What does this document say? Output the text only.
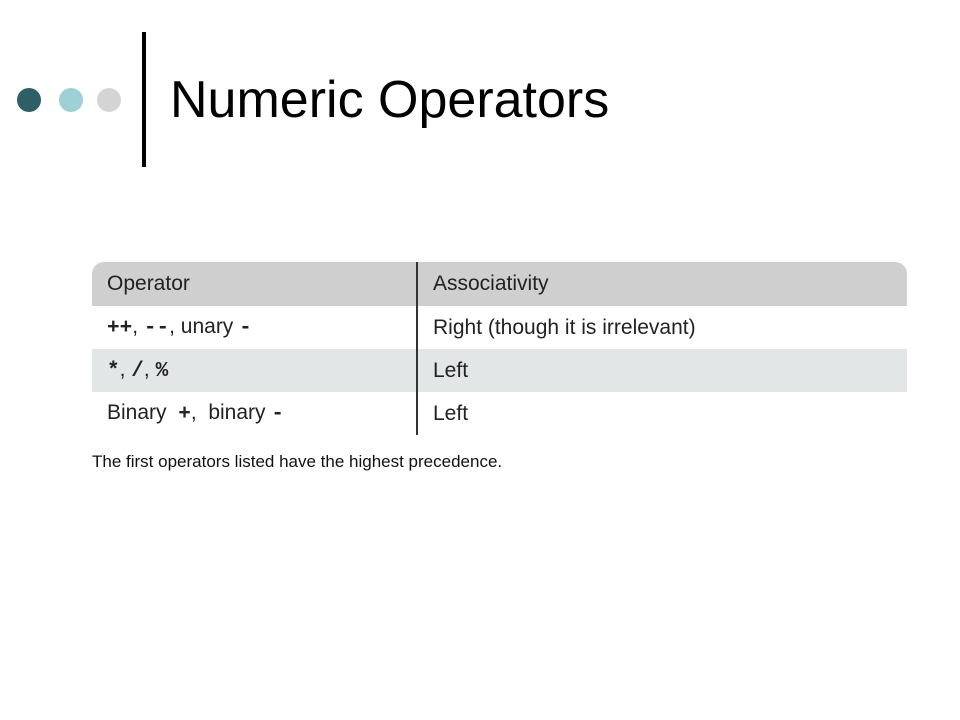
Numeric Operators
Operator	Associativity
++, --, unary -	Right (though it is irrelevant)
*, /, %	Left
Binary  +,  binary -	Left
The first operators listed have the highest precedence.
